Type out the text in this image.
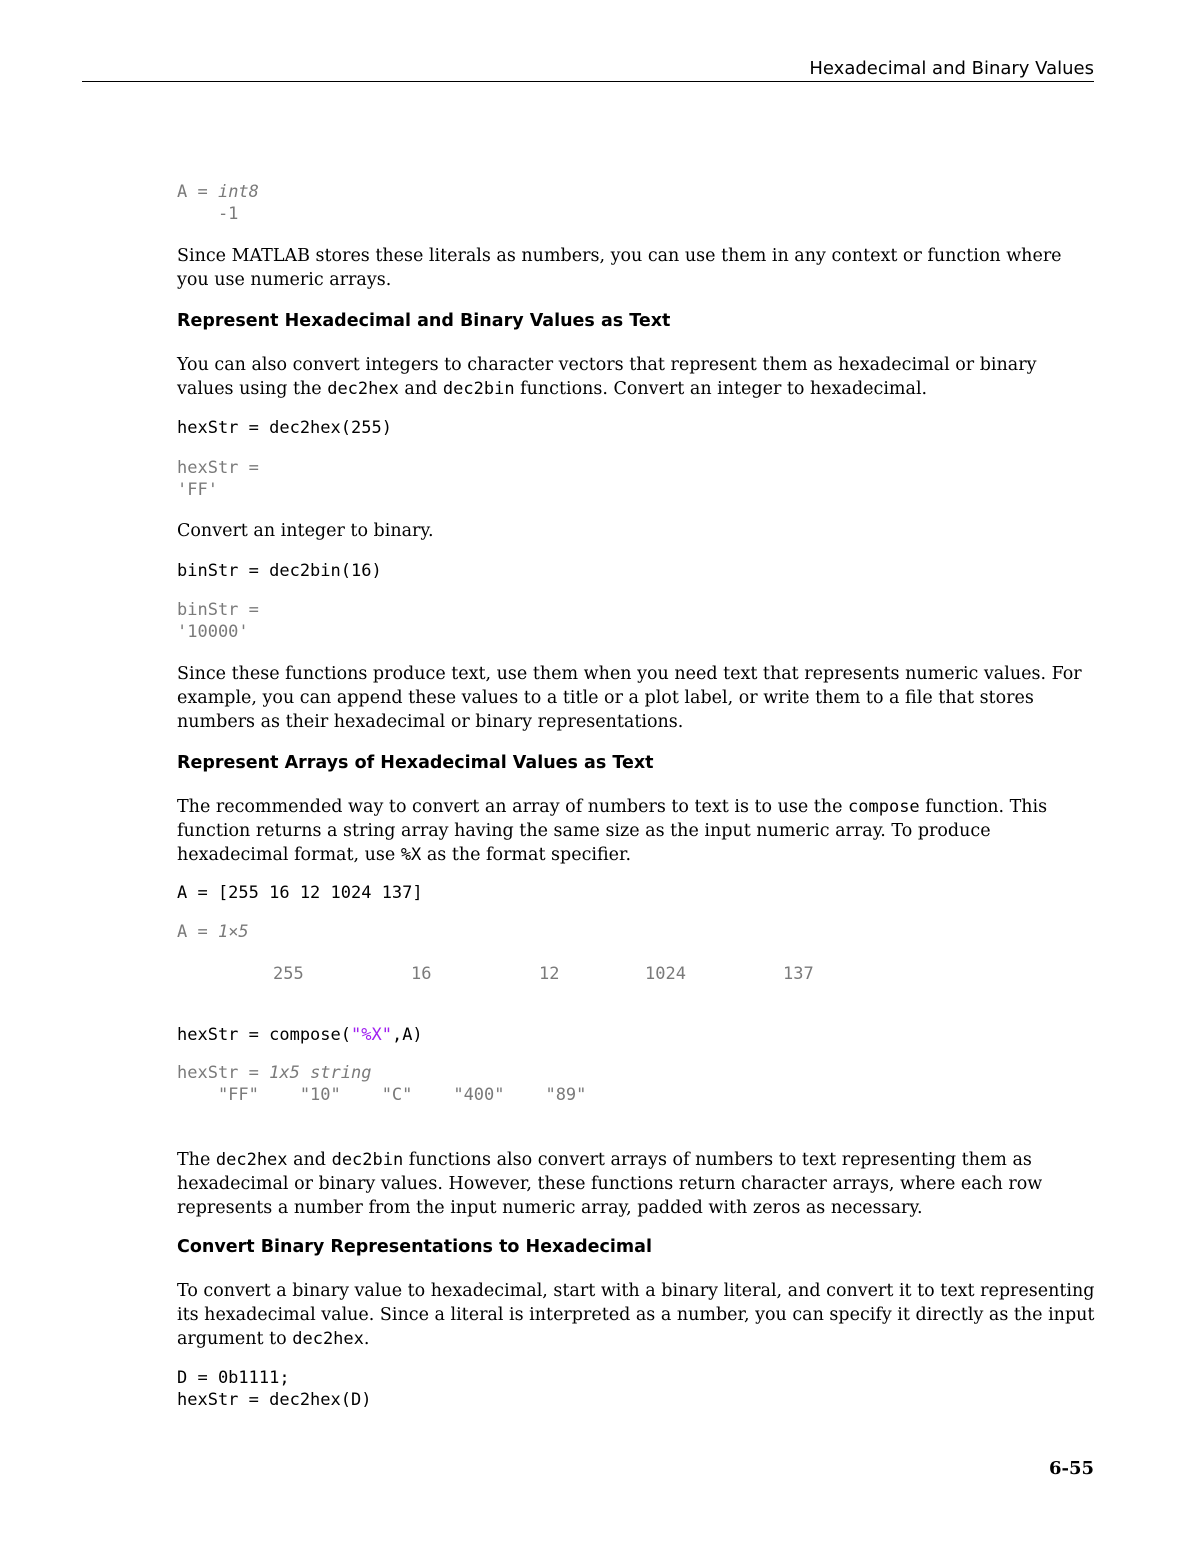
Hexadecimal and Binary Values
A = int8
-1
Since MATLAB stores these literals as numbers, you can use them in any context or function where you use numeric arrays.
Represent Hexadecimal and Binary Values as Text
You can also convert integers to character vectors that represent them as hexadecimal or binary values using the dec2hex and dec2bin functions. Convert an integer to hexadecimal.
hexStr = dec2hex(255)
hexStr =
'FF'
Convert an integer to binary.
binStr = dec2bin(16)
binStr =
'10000'
Since these functions produce text, use them when you need text that represents numeric values. For example, you can append these values to a title or a plot label, or write them to a file that stores numbers as their hexadecimal or binary representations.
Represent Arrays of Hexadecimal Values as Text
The recommended way to convert an array of numbers to text is to use the compose function. This function returns a string array having the same size as the input numeric array. To produce hexadecimal format, use %X as the format specifier.
A = [255 16 12 1024 137]
A = 1×5

255

	16

	12

	1024

	137

hexStr = compose("%X",A)
hexStr = 1x5 string
"FF"    "10"    "C"    "400"    "89"
The dec2hex and dec2bin functions also convert arrays of numbers to text representing them as hexadecimal or binary values. However, these functions return character arrays, where each row represents a number from the input numeric array, padded with zeros as necessary.
Convert Binary Representations to Hexadecimal
To convert a binary value to hexadecimal, start with a binary literal, and convert it to text representing its hexadecimal value. Since a literal is interpreted as a number, you can specify it directly as the input argument to dec2hex.
D = 0b1111;
hexStr = dec2hex(D)
6-55
